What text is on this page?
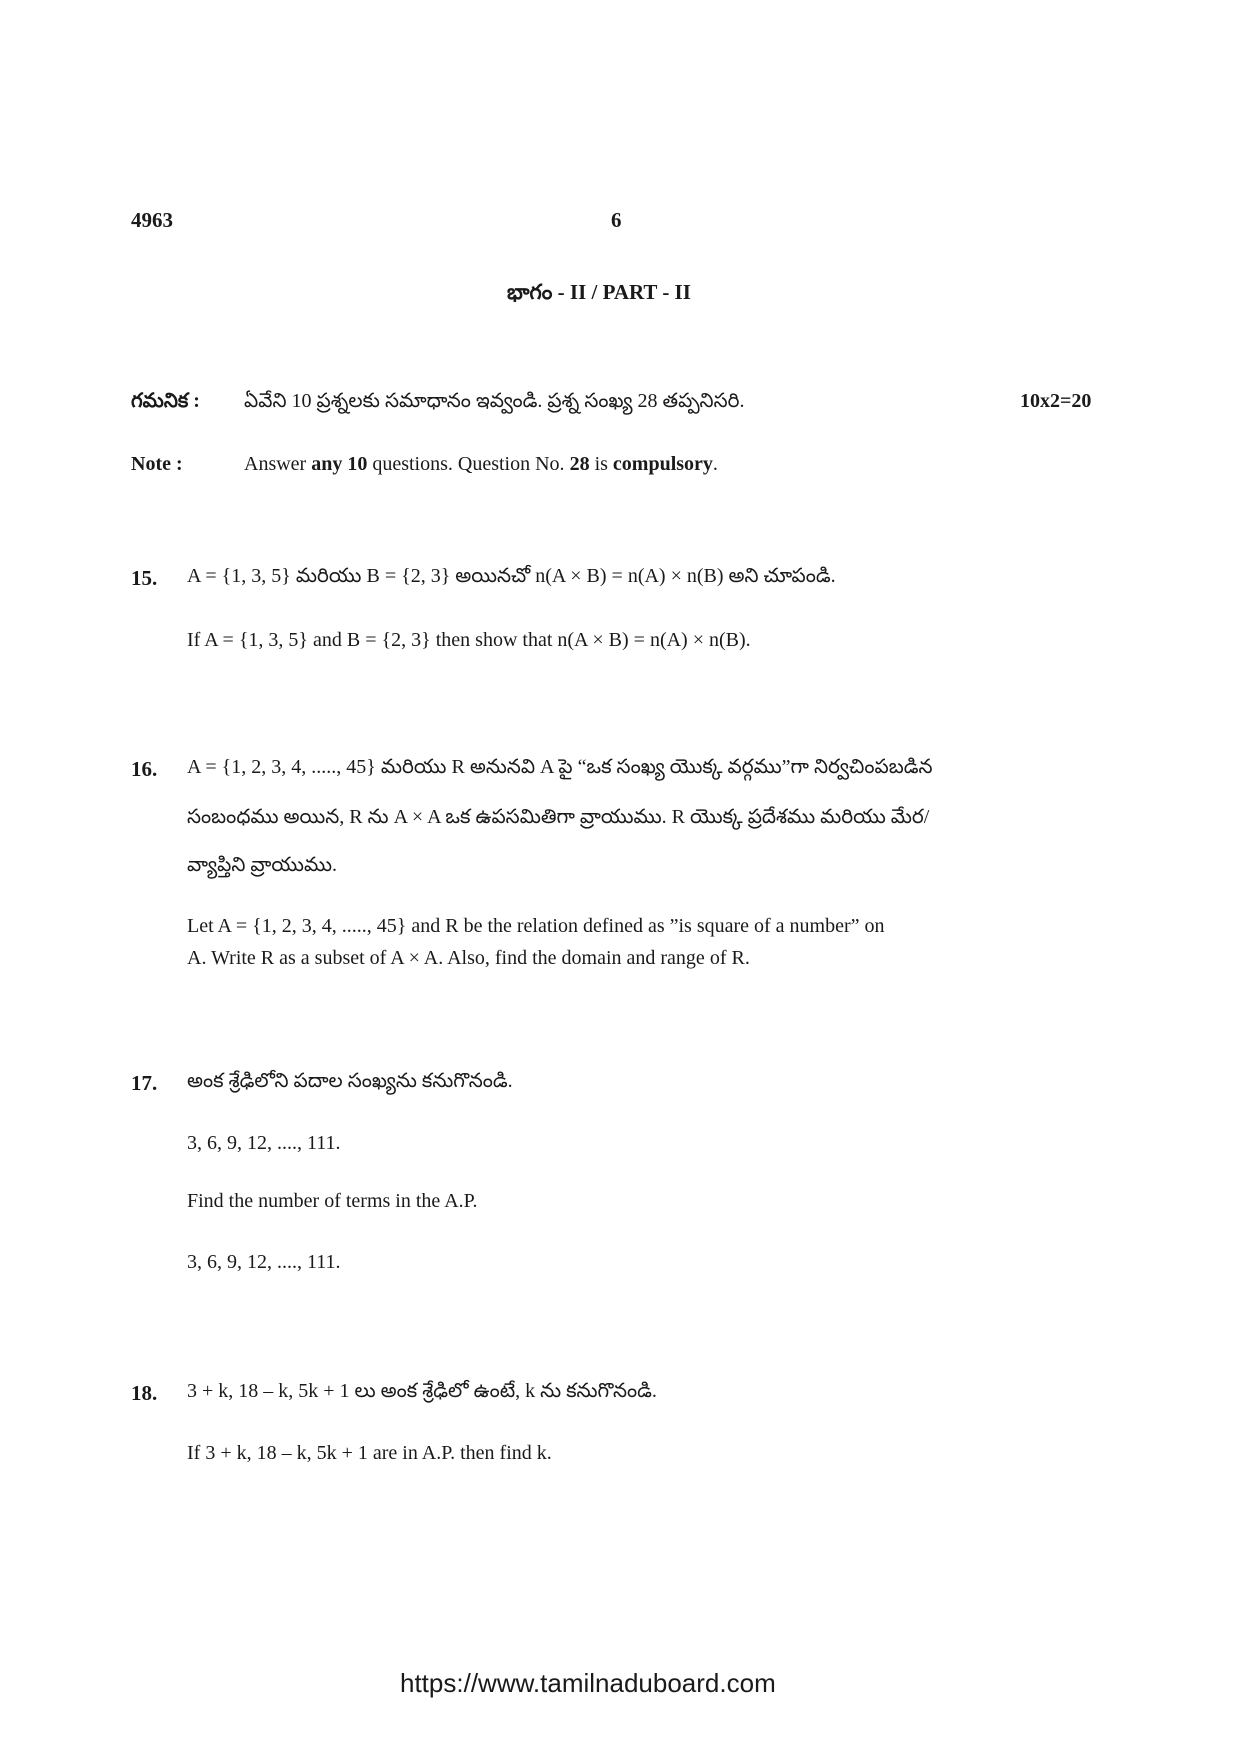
4963	6
భాగం - II / PART - II
గమనిక : ఏవేని 10 ప్రశ్నలకు సమాధానం ఇవ్వండి. ప్రశ్న సంఖ్య 28 తప్పనిసరి.	10x2=20
Note :	Answer any 10 questions. Question No. 28 is compulsory.
15. A = {1, 3, 5} మరియు B = {2, 3} అయినచో n(A × B) = n(A) × n(B) అని చూపండి.
If A = {1, 3, 5} and B = {2, 3} then show that n(A × B) = n(A) × n(B).
16. A = {1, 2, 3, 4, ....., 45} మరియు R అనునవి A పై “ఒక సంఖ్య యొక్క వర్గము”గా నిర్వచింపబడిన
సంబంధము అయిన, R ను A × A ఒక ఉపసమితిగా వ్రాయుము. R యొక్క ప్రదేశము మరియు మేర/
వ్యాప్తిని వ్రాయుము.
Let A = {1, 2, 3, 4, ....., 45} and R be the relation defined as ”is square of a number” on
A. Write R as a subset of A × A. Also, find the domain and range of R.
17. అంక శ్రేఢిలోని పదాల సంఖ్యను కనుగొనండి.
3, 6, 9, 12, ...., 111.
Find the number of terms in the A.P.
3, 6, 9, 12, ...., 111.
18. 3 + k, 18 – k, 5k + 1 లు అంక శ్రేఢిలో ఉంటే, k ను కనుగొనండి.
If 3 + k, 18 – k, 5k + 1 are in A.P. then find k.
https://www.tamilnaduboard.com
